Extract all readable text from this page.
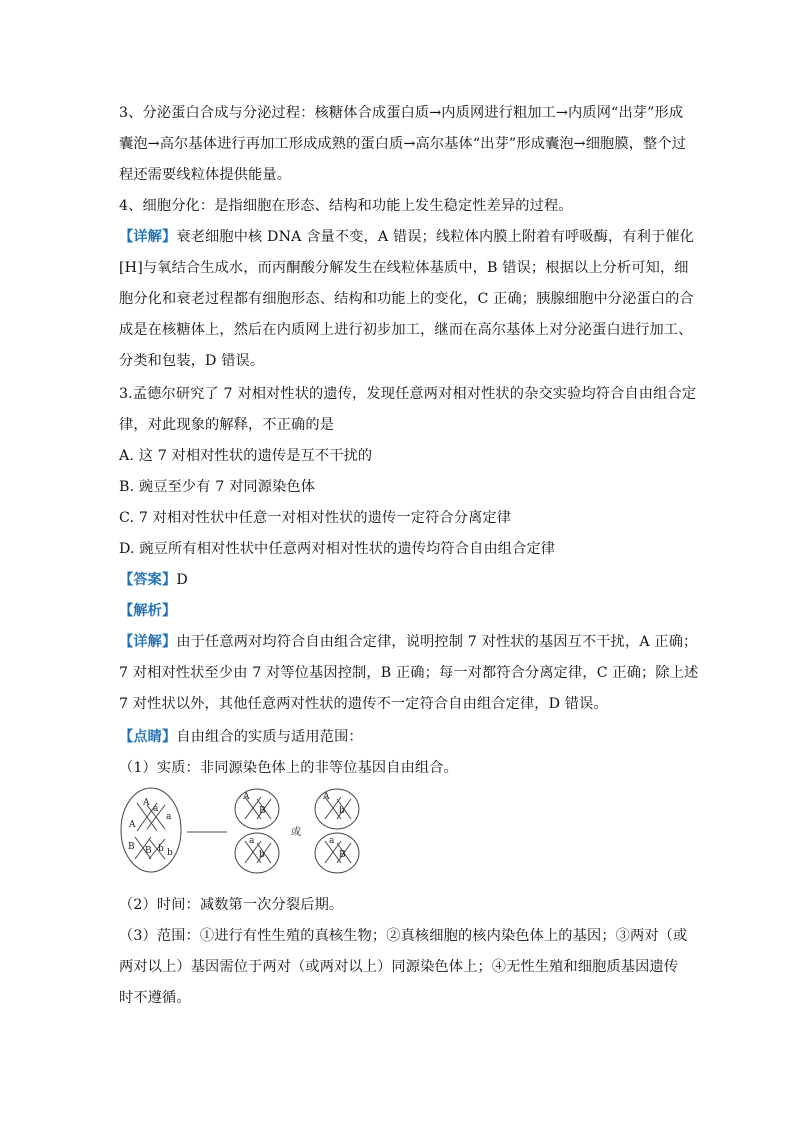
3、分泌蛋白合成与分泌过程：核糖体合成蛋白质→内质网进行粗加工→内质网“出芽”形成
囊泡→高尔基体进行再加工形成成熟的蛋白质→高尔基体“出芽”形成囊泡→细胞膜，整个过
程还需要线粒体提供能量。
4、细胞分化：是指细胞在形态、结构和功能上发生稳定性差异的过程。
【详解】衰老细胞中核 DNA 含量不变，A 错误；线粒体内膜上附着有呼吸酶，有利于催化
[H]与氧结合生成水，而丙酮酸分解发生在线粒体基质中，B 错误；根据以上分析可知，细
胞分化和衰老过程都有细胞形态、结构和功能上的变化，C 正确；胰腺细胞中分泌蛋白的合
成是在核糖体上，然后在内质网上进行初步加工，继而在高尔基体上对分泌蛋白进行加工、
分类和包装，D 错误。
3.孟德尔研究了 7 对相对性状的遗传，发现任意两对相对性状的杂交实验均符合自由组合定
律，对此现象的解释，不正确的是
A. 这 7 对相对性状的遗传是互不干扰的
B. 豌豆至少有 7 对同源染色体
C. 7 对相对性状中任意一对相对性状的遗传一定符合分离定律
D. 豌豆所有相对性状中任意两对相对性状的遗传均符合自由组合定律
【答案】D
【解析】
【详解】由于任意两对均符合自由组合定律，说明控制 7 对性状的基因互不干扰，A 正确；
7 对相对性状至少由 7 对等位基因控制，B 正确；每一对都符合分离定律，C 正确；除上述
7 对性状以外，其他任意两对性状的遗传不一定符合自由组合定律，D 错误。
【点睛】自由组合的实质与适用范围：
（1）实质：非同源染色体上的非等位基因自由组合。
A
A
a
a
B B b b
A
B
a
b
或
A
b
a
B
（2）时间：减数第一次分裂后期。
（3）范围：①进行有性生殖的真核生物；②真核细胞的核内染色体上的基因；③两对（或
两对以上）基因需位于两对（或两对以上）同源染色体上；④无性生殖和细胞质基因遗传
时不遵循。
